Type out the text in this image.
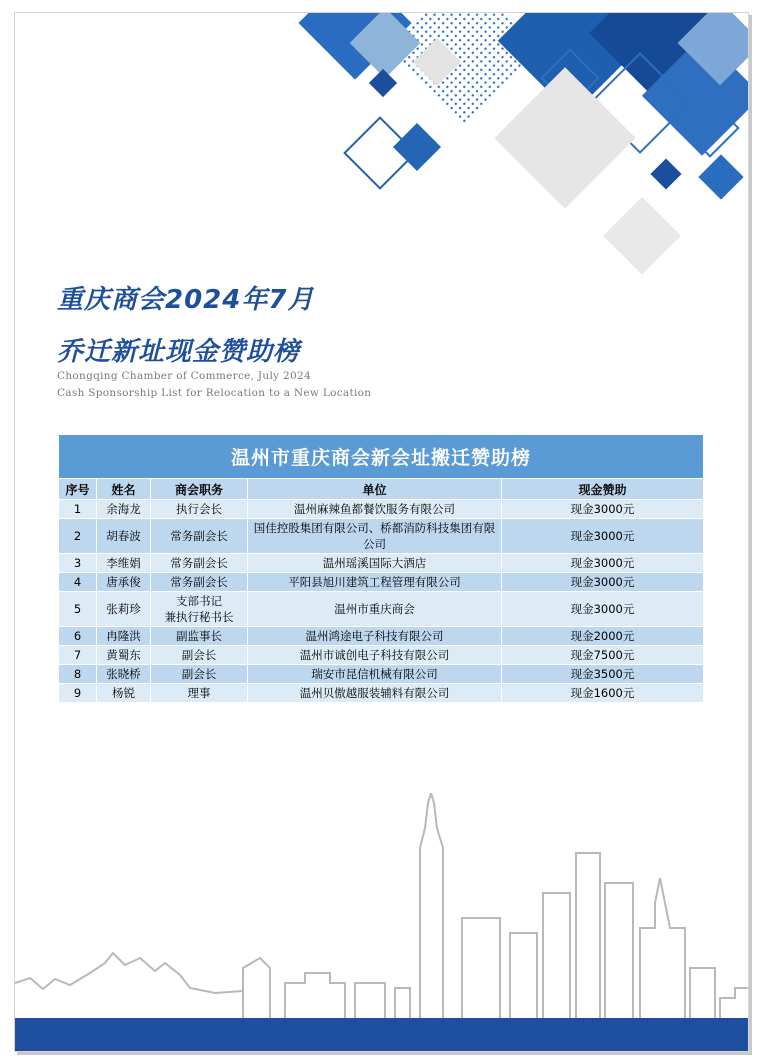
重庆商会2024年7月
乔迁新址现金赞助榜
Chongqing Chamber of Commerce, July 2024
Cash Sponsorship List for Relocation to a New Location
温州市重庆商会新会址搬迁赞助榜				
序号	姓名	商会职务	单位	现金赞助
1	余海龙	执行会长	温州麻辣鱼都餐饮服务有限公司	现金3000元
2	胡春波	常务副会长	国佳控股集团有限公司、桥都消防科技集团有限公司	现金3000元
3	李维娟	常务副会长	温州瑶溪国际大酒店	现金3000元
4	唐承俊	常务副会长	平阳县旭川建筑工程管理有限公司	现金3000元
5	张莉珍	支部书记
兼执行秘书长	温州市重庆商会	现金3000元
6	冉隆洪	副监事长	温州鸿途电子科技有限公司	现金2000元
7	黄蜀东	副会长	温州市诚创电子科技有限公司	现金7500元
8	张晓桥	副会长	瑞安市昆信机械有限公司	现金3500元
9	杨锐	理事	温州贝傲越服装辅料有限公司	现金1600元
